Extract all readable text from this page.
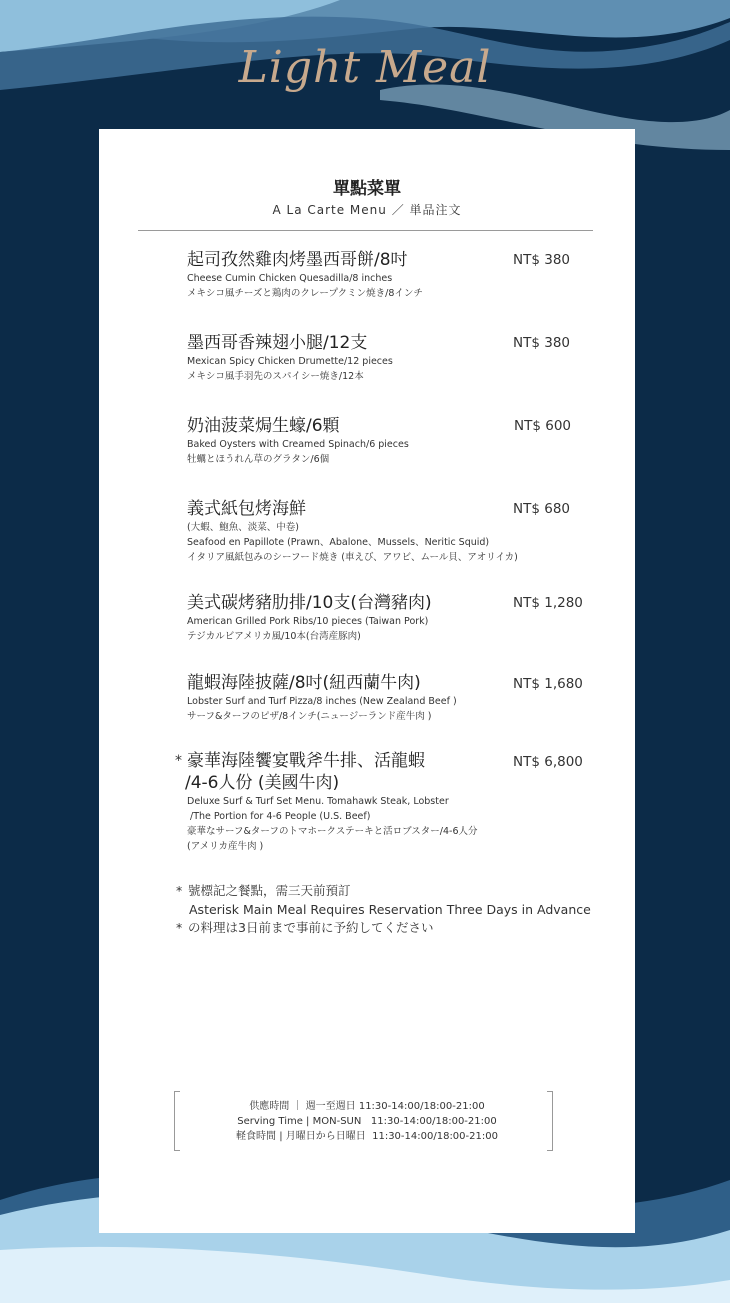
Light Meal
單點菜單
A La Carte Menu ／ 単品注文
起司孜然雞肉烤墨西哥餅/8吋
Cheese Cumin Chicken Quesadilla/8 inches
メキシコ風チーズと鶏肉のクレープクミン焼き/8インチ
NT$ 380
墨西哥香辣翅小腿/12支
Mexican Spicy Chicken Drumette/12 pieces
メキシコ風手羽先のスパイシー焼き/12本
NT$ 380
奶油菠菜焗生蠔/6顆
Baked Oysters with Creamed Spinach/6 pieces
牡蠣とほうれん草のグラタン/6個
NT$ 600
義式紙包烤海鮮
(大蝦、鮑魚、淡菜、中卷)
Seafood en Papillote (Prawn、Abalone、Mussels、Neritic Squid)
イタリア風紙包みのシーフード焼き (車えび、アワビ、ムール貝、アオリイカ)
NT$ 680
美式碳烤豬肋排/10支(台灣豬肉)
American Grilled Pork Ribs/10 pieces (Taiwan Pork)
テジカルビアメリカ風/10本(台湾産豚肉)
NT$ 1,280
龍蝦海陸披薩/8吋(紐西蘭牛肉)
Lobster Surf and Turf Pizza/8 inches (New Zealand Beef )
サーフ&ターフのピザ/8インチ(ニュージーランド産牛肉 )
NT$ 1,680
* 豪華海陸饗宴戰斧牛排、活龍蝦
/4-6人份 (美國牛肉)
Deluxe Surf & Turf Set Menu. Tomahawk Steak, Lobster
/The Portion for 4-6 People (U.S. Beef)
豪華なサーフ&ターフのトマホークステーキと活ロブスター/4-6人分
(アメリカ産牛肉 )
NT$ 6,800
* 號標記之餐點，需三天前預訂
Asterisk Main Meal Requires Reservation Three Days in Advance
* の料理は3日前まで事前に予約してください
供應時間 ｜ 週一至週日 11:30-14:00/18:00-21:00
Serving Time | MON-SUN   11:30-14:00/18:00-21:00
軽食時間 | 月曜日から日曜日  11:30-14:00/18:00-21:00
